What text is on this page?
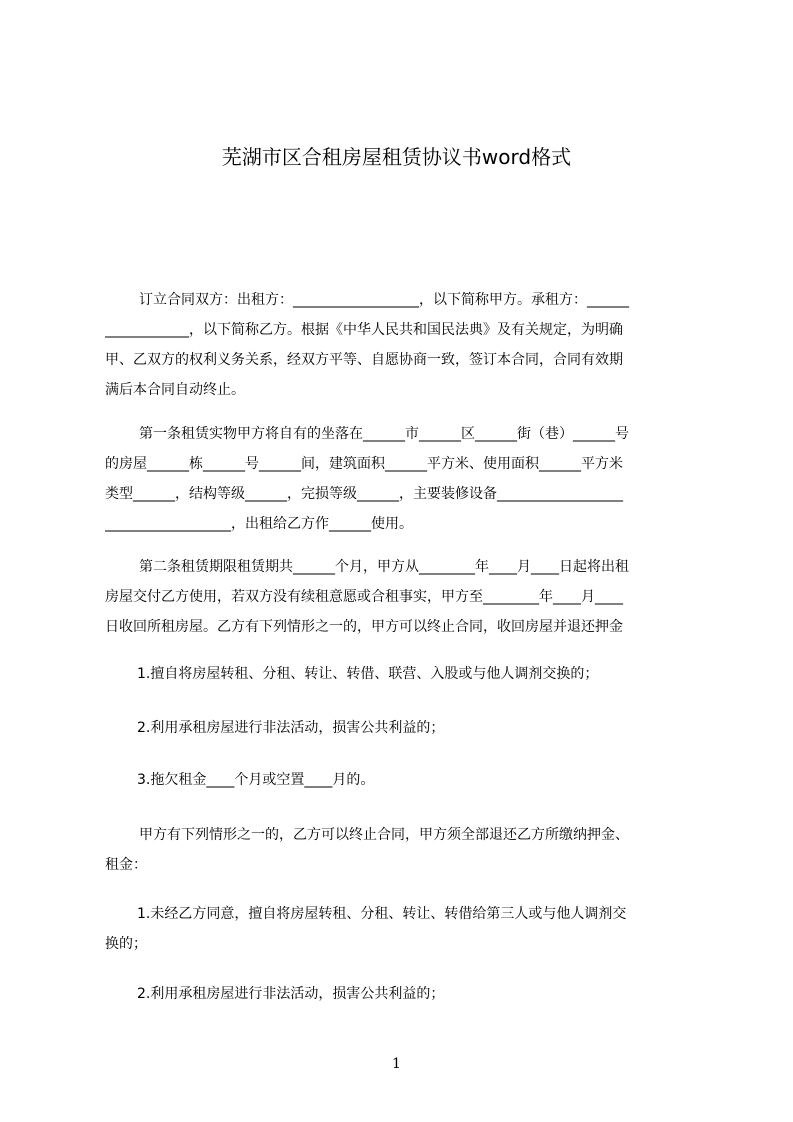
芜湖市区合租房屋租赁协议书word格式
订立合同双方：出租方：__________________，以下简称甲方。承租方：______
____________，以下简称乙方。根据《中华人民共和国民法典》及有关规定，为明确
甲、乙双方的权利义务关系，经双方平等、自愿协商一致，签订本合同，合同有效期
满后本合同自动终止。
第一条租赁实物甲方将自有的坐落在______市______区______街（巷）______号
的房屋______栋______号______间，建筑面积______平方米、使用面积______平方米
类型______，结构等级______，完损等级______，主要装修设备__________________
__________________，出租给乙方作______使用。
第二条租赁期限租赁期共______个月，甲方从________年____月____日起将出租
房屋交付乙方使用，若双方没有续租意愿或合租事实，甲方至________年____月____
日收回所租房屋。乙方有下列情形之一的，甲方可以终止合同，收回房屋并退还押金
1.擅自将房屋转租、分租、转让、转借、联营、入股或与他人调剂交换的；
2.利用承租房屋进行非法活动，损害公共利益的；
3.拖欠租金____个月或空置____月的。
甲方有下列情形之一的，乙方可以终止合同，甲方须全部退还乙方所缴纳押金、
租金：
1.未经乙方同意，擅自将房屋转租、分租、转让、转借给第三人或与他人调剂交
换的；
2.利用承租房屋进行非法活动，损害公共利益的；
1
